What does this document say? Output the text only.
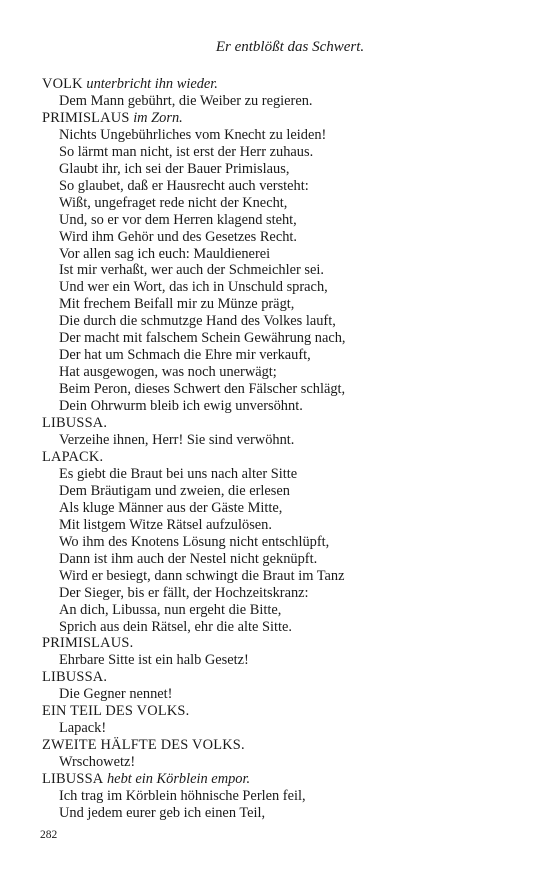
Er entblößt das Schwert.
VOLK unterbricht ihn wieder.
Dem Mann gebührt, die Weiber zu regieren.
PRIMISLAUS im Zorn.
Nichts Ungebührliches vom Knecht zu leiden!
So lärmt man nicht, ist erst der Herr zuhaus.
Glaubt ihr, ich sei der Bauer Primislaus,
So glaubet, daß er Hausrecht auch versteht:
Wißt, ungefraget rede nicht der Knecht,
Und, so er vor dem Herren klagend steht,
Wird ihm Gehör und des Gesetzes Recht.
Vor allen sag ich euch: Mauldienerei
Ist mir verhaßt, wer auch der Schmeichler sei.
Und wer ein Wort, das ich in Unschuld sprach,
Mit frechem Beifall mir zu Münze prägt,
Die durch die schmutzge Hand des Volkes lauft,
Der macht mit falschem Schein Gewährung nach,
Der hat um Schmach die Ehre mir verkauft,
Hat ausgewogen, was noch unerwägt;
Beim Peron, dieses Schwert den Fälscher schlägt,
Dein Ohrwurm bleib ich ewig unversöhnt.
LIBUSSA.
Verzeihe ihnen, Herr! Sie sind verwöhnt.
LAPACK.
Es giebt die Braut bei uns nach alter Sitte
Dem Bräutigam und zweien, die erlesen
Als kluge Männer aus der Gäste Mitte,
Mit listgem Witze Rätsel aufzulösen.
Wo ihm des Knotens Lösung nicht entschlüpft,
Dann ist ihm auch der Nestel nicht geknüpft.
Wird er besiegt, dann schwingt die Braut im Tanz
Der Sieger, bis er fällt, der Hochzeitskranz:
An dich, Libussa, nun ergeht die Bitte,
Sprich aus dein Rätsel, ehr die alte Sitte.
PRIMISLAUS.
Ehrbare Sitte ist ein halb Gesetz!
LIBUSSA.
Die Gegner nennet!
EIN TEIL DES VOLKS.
Lapack!
ZWEITE HÄLFTE DES VOLKS.
Wrschowetz!
LIBUSSA hebt ein Körblein empor.
Ich trag im Körblein höhnische Perlen feil,
Und jedem eurer geb ich einen Teil,
282
